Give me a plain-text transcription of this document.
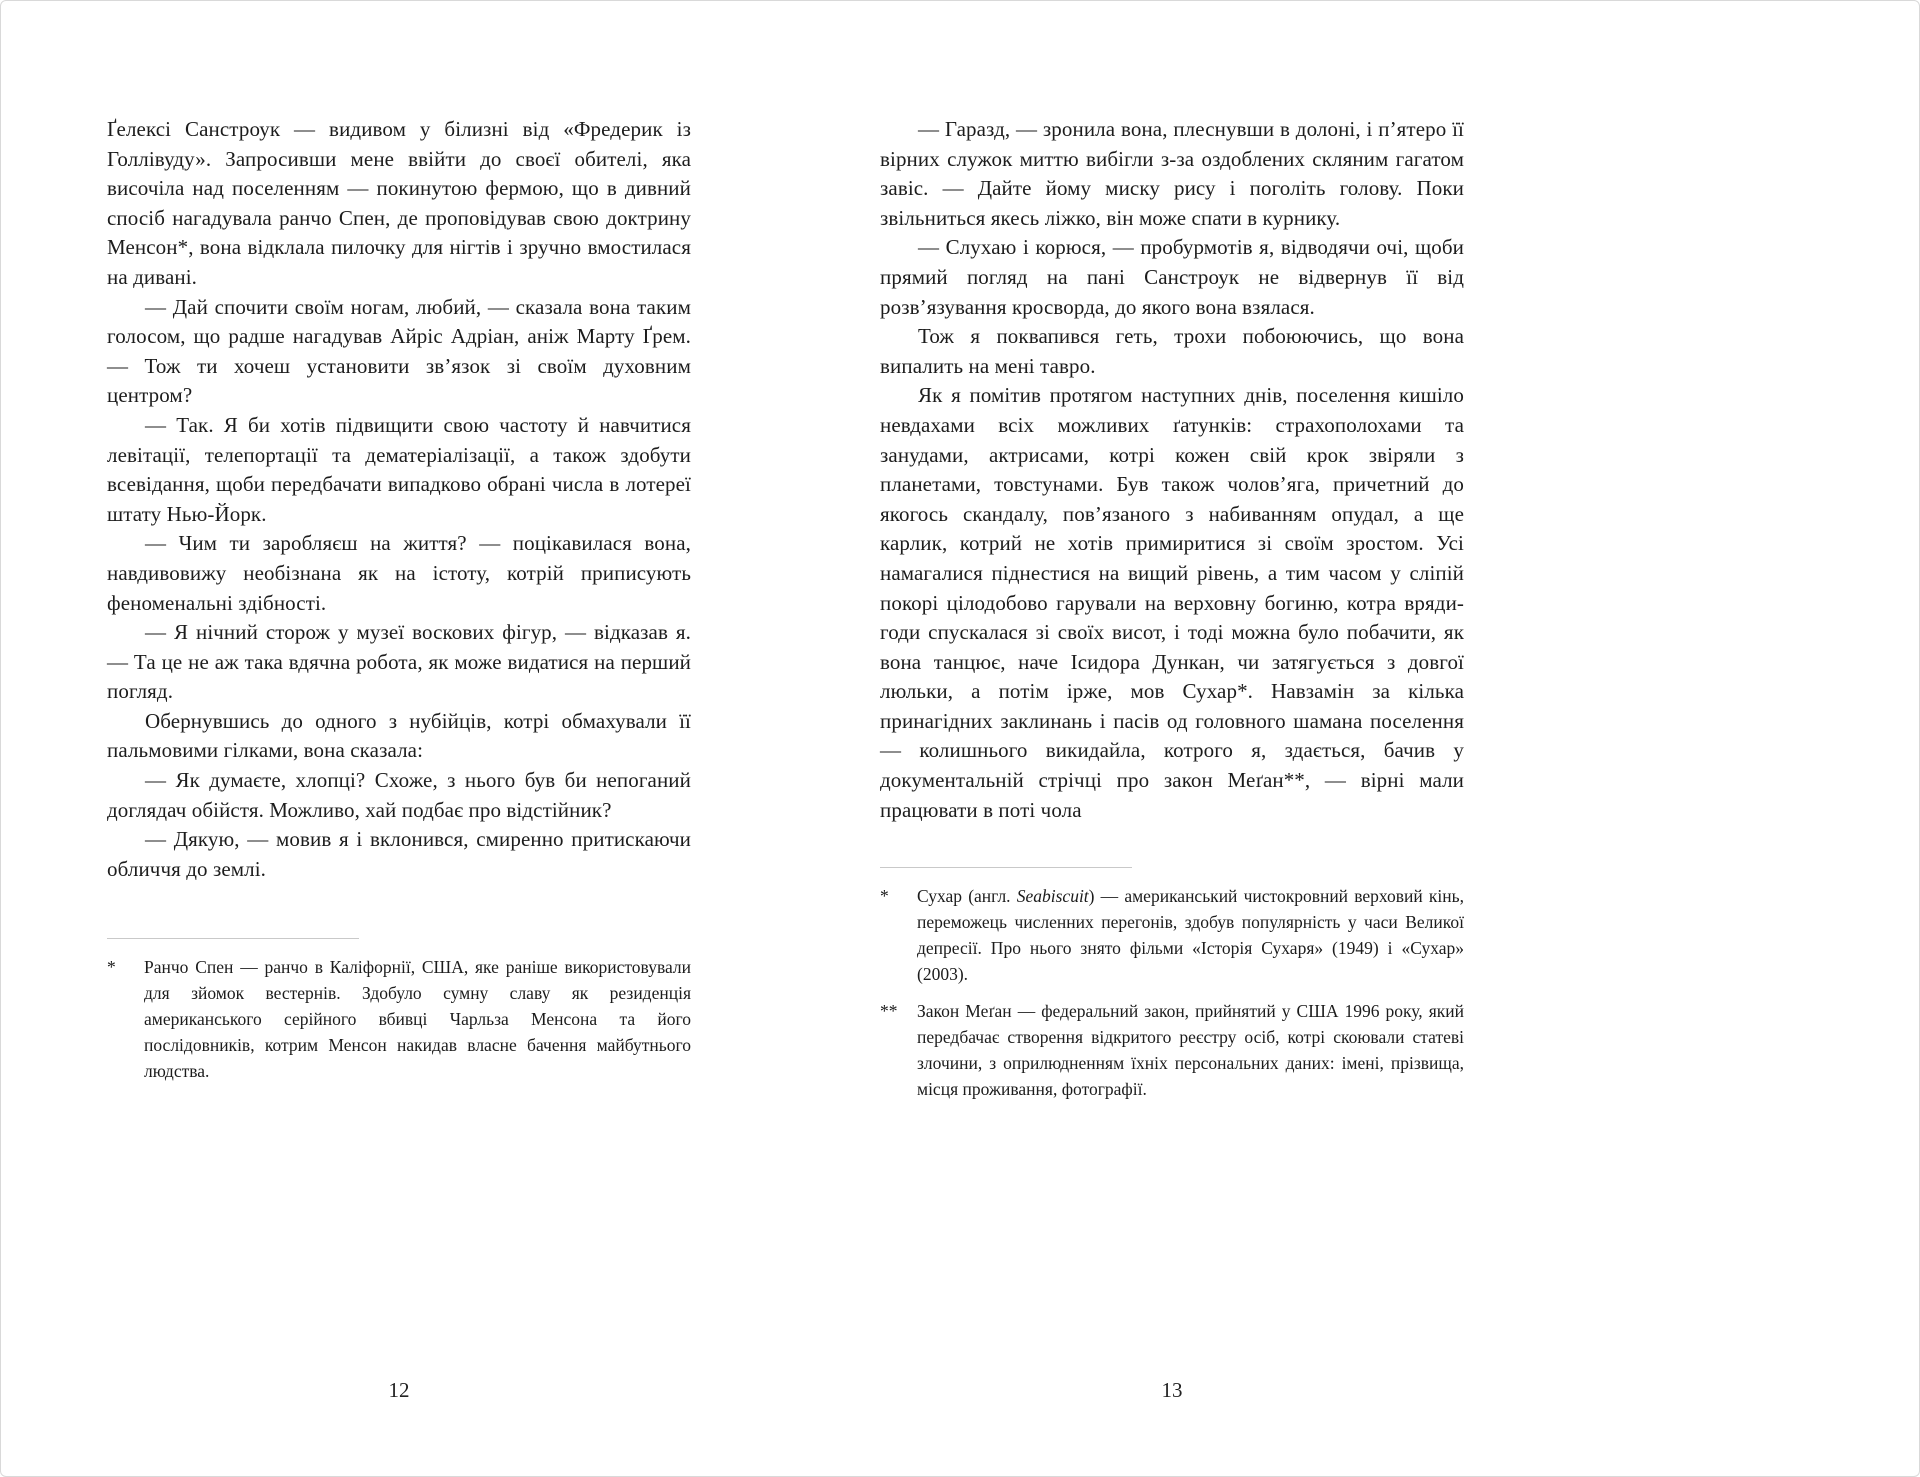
Ґелексі Санстроук — видивом у білизні від «Фредерик із Голлівуду». Запросивши мене ввійти до своєї обителі, яка височіла над поселенням — покинутою фермою, що в дивний спосіб нагадувала ранчо Спен, де проповідував свою доктрину Менсон*, вона відклала пилочку для нігтів і зручно вмостилася на дивані.

— Дай спочити своїм ногам, любий, — сказала вона таким голосом, що радше нагадував Айріс Адріан, аніж Марту Ґрем. — Тож ти хочеш установити зв’язок зі своїм духовним центром?

— Так. Я би хотів підвищити свою частоту й навчитися левітації, телепортації та дематеріалізації, а також здобути всевідання, щоби передбачати випадково обрані числа в лотереї штату Нью-Йорк.

— Чим ти заробляєш на життя? — поцікавилася вона, навдивовижу необізнана як на істоту, котрій приписують феноменальні здібності.

— Я нічний сторож у музеї воскових фігур, — відказав я. — Та це не аж така вдячна робота, як може видатися на перший погляд.

Обернувшись до одного з нубійців, котрі обмахували її пальмовими гілками, вона сказала:

— Як думаєте, хлопці? Схоже, з нього був би непоганий доглядач обійстя. Можливо, хай подбає про відстійник?

— Дякую, — мовив я і вклонився, смиренно притискаючи обличчя до землі.

*	Ранчо Спен — ранчо в Каліфорнії, США, яке раніше використовували для зйомок вестернів. Здобуло сумну славу як резиденція американського серійного вбивці Чарльза Менсона та його послідовників, котрим Менсон накидав власне бачення майбутнього людства.

— Гаразд, — зронила вона, плеснувши в долоні, і п’ятеро її вірних служок миттю вибігли з-за оздоблених скляним гагатом завіс. — Дайте йому миску рису і поголіть голову. Поки звільниться якесь ліжко, він може спати в курнику.

— Слухаю і корюся, — пробурмотів я, відводячи очі, щоби прямий погляд на пані Санстроук не відвернув її від розв’язування кросворда, до якого вона взялася.

Тож я поквапився геть, трохи побоюючись, що вона випалить на мені тавро.

Як я помітив протягом наступних днів, поселення кишіло невдахами всіх можливих ґатунків: страхополохами та занудами, актрисами, котрі кожен свій крок звіряли з планетами, товстунами. Був також чолов’яга, причетний до якогось скандалу, пов’язаного з набиванням опудал, а ще карлик, котрий не хотів примиритися зі своїм зростом. Усі намагалися піднестися на вищий рівень, а тим часом у сліпій покорі цілодобово гарували на верховну богиню, котра вряди-годи спускалася зі своїх висот, і тоді можна було побачити, як вона танцює, наче Ісидора Дункан, чи затягується з довгої люльки, а потім ірже, мов Сухар*. Навзамін за кілька принагідних заклинань і пасів од головного шамана поселення — колишнього викидайла, котрого я, здається, бачив у документальній стрічці про закон Меґан**, — вірні мали працювати в поті чола

*	Сухар (англ. Seabiscuit) — американський чистокровний верховий кінь, переможець численних перегонів, здобув популярність у часи Великої депресії. Про нього знято фільми «Історія Сухаря» (1949) і «Сухар» (2003).
**	Закон Меґан — федеральний закон, прийнятий у США 1996 року, який передбачає створення відкритого реєстру осіб, котрі скоювали статеві злочини, з оприлюдненням їхніх персональних даних: імені, прізвища, місця проживання, фотографії.
12	13
